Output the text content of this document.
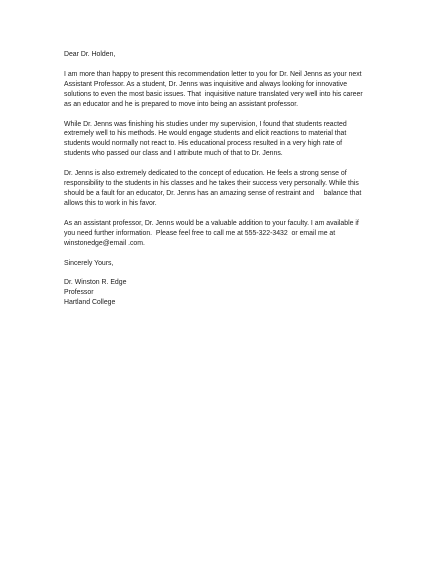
Dear Dr. Holden,
I am more than happy to present this recommendation letter to you for Dr. Neil Jenns as your next
Assistant Professor. As a student, Dr. Jenns was inquisitive and always looking for innovative
solutions to even the most basic issues. That  inquisitive nature translated very well into his career
as an educator and he is prepared to move into being an assistant professor.
While Dr. Jenns was finishing his studies under my supervision, I found that students reacted
extremely well to his methods. He would engage students and elicit reactions to material that
students would normally not react to. His educational process resulted in a very high rate of
students who passed our class and I attribute much of that to Dr. Jenns.
Dr. Jenns is also extremely dedicated to the concept of education. He feels a strong sense of
responsibility to the students in his classes and he takes their success very personally. While this
should be a fault for an educator, Dr. Jenns has an amazing sense of restraint and     balance that
allows this to work in his favor.
As an assistant professor, Dr. Jenns would be a valuable addition to your faculty. I am available if
you need further information.  Please feel free to call me at 555-322-3432  or email me at
winstonedge@email .com.
Sincerely Yours,
Dr. Winston R. Edge
Professor
Hartland College
